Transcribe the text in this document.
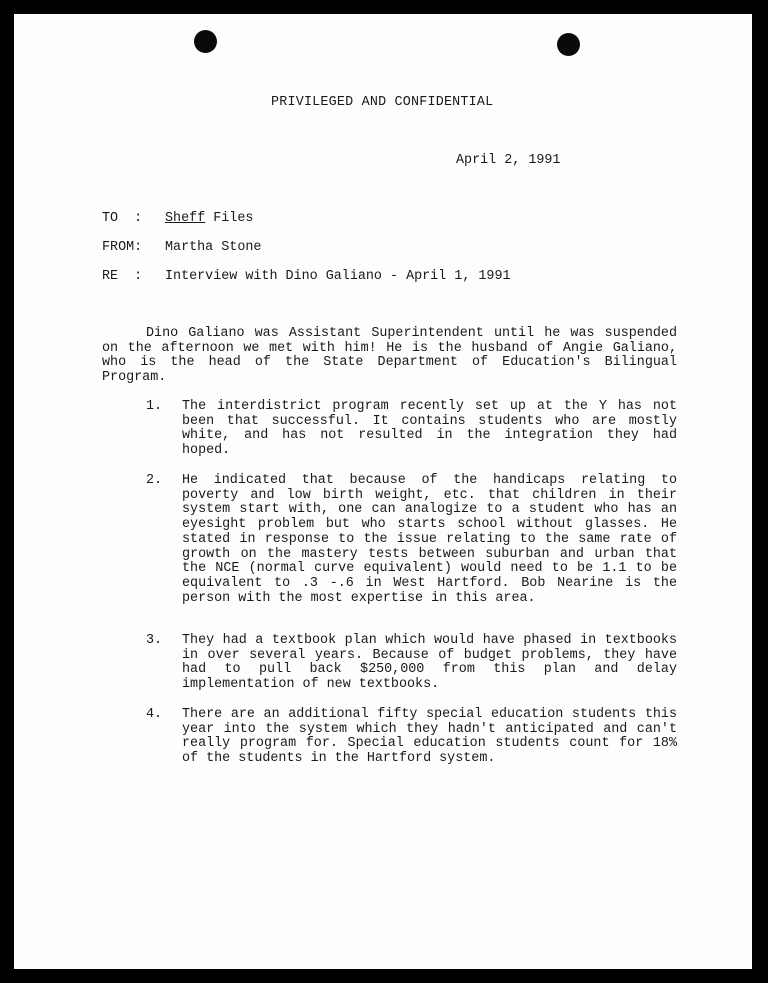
PRIVILEGED AND CONFIDENTIAL
April 2, 1991
TO  : Sheff Files
FROM: Martha Stone
RE  : Interview with Dino Galiano - April 1, 1991

Dino Galiano was Assistant Superintendent until he was suspended on the afternoon we met with him! He is the husband of Angie Galiano, who is the head of the State Department of Education's Bilingual Program.

1. The interdistrict program recently set up at the Y has not been that successful. It contains students who are mostly white, and has not resulted in the integration they had hoped.
2. He indicated that because of the handicaps relating to poverty and low birth weight, etc. that children in their system start with, one can analogize to a student who has an eyesight problem but who starts school without glasses. He stated in response to the issue relating to the same rate of growth on the mastery tests between suburban and urban that the NCE (normal curve equivalent) would need to be 1.1 to be equivalent to .3 -.6 in West Hartford. Bob Nearine is the person with the most expertise in this area.
3. They had a textbook plan which would have phased in textbooks in over several years. Because of budget problems, they have had to pull back $250,000 from this plan and delay implementation of new textbooks.
4. There are an additional fifty special education students this year into the system which they hadn't anticipated and can't really program for. Special education students count for 18% of the students in the Hartford system.
